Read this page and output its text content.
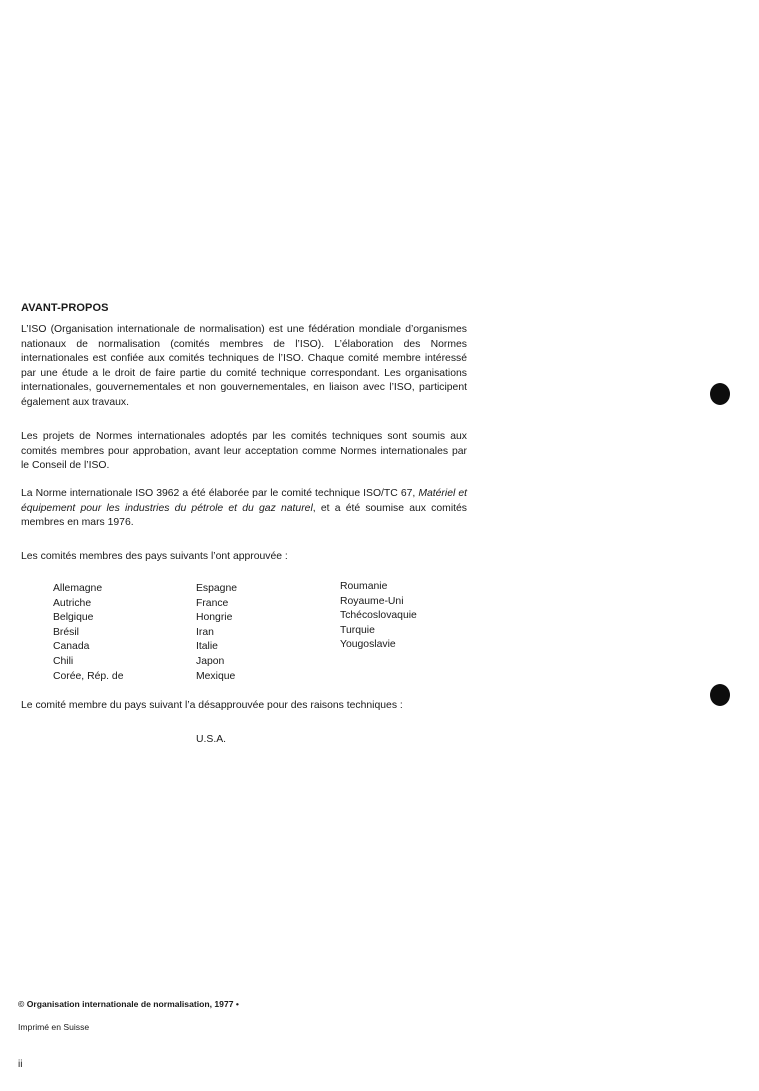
AVANT-PROPOS
L’ISO (Organisation internationale de normalisation) est une fédération mondiale d’organismes nationaux de normalisation (comités membres de l’ISO). L’élaboration des Normes internationales est confiée aux comités techniques de l’ISO. Chaque comité membre intéressé par une étude a le droit de faire partie du comité technique correspondant. Les organisations internationales, gouvernementales et non gouvernementales, en liaison avec l’ISO, participent également aux travaux.
Les projets de Normes internationales adoptés par les comités techniques sont soumis aux comités membres pour approbation, avant leur acceptation comme Normes internationales par le Conseil de l’ISO.
La Norme internationale ISO 3962 a été élaborée par le comité technique ISO/TC 67, Matériel et équipement pour les industries du pétrole et du gaz naturel, et a été soumise aux comités membres en mars 1976.
Les comités membres des pays suivants l’ont approuvée :
Allemagne
Autriche
Belgique
Brésil
Canada
Chili
Corée, Rép. de
Espagne
France
Hongrie
Iran
Italie
Japon
Mexique
Roumanie
Royaume-Uni
Tchécoslovaquie
Turquie
Yougoslavie
Le comité membre du pays suivant l’a désapprouvée pour des raisons techniques :
U.S.A.
© Organisation internationale de normalisation, 1977 •
Imprimé en Suisse
ii
